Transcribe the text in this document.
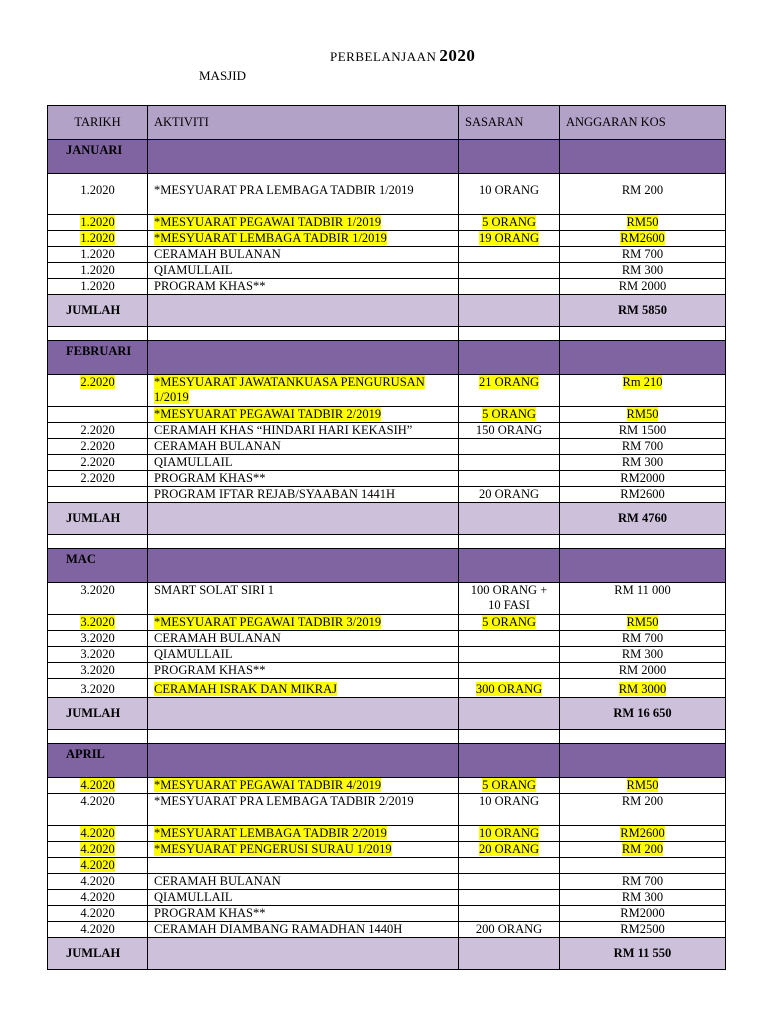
PERBELANJAAN 2020
MASJID
TARIKH	AKTIVITI	SASARAN	ANGGARAN KOS
JANUARI			
1.2020	*MESYUARAT PRA LEMBAGA TADBIR 1/2019	10 ORANG	RM 200
1.2020	*MESYUARAT PEGAWAI TADBIR 1/2019	5 ORANG	RM50
1.2020	*MESYUARAT LEMBAGA TADBIR 1/2019	19 ORANG	RM2600
1.2020	CERAMAH BULANAN		RM 700
1.2020	QIAMULLAIL		RM 300
1.2020	PROGRAM KHAS**		RM 2000
JUMLAH			RM 5850

FEBRUARI			
2.2020	*MESYUARAT JAWATANKUASA PENGURUSAN 1/2019	21 ORANG	Rm 210
	*MESYUARAT PEGAWAI TADBIR 2/2019	5 ORANG	RM50
2.2020	CERAMAH KHAS “HINDARI HARI KEKASIH”	150 ORANG	RM 1500
2.2020	CERAMAH BULANAN		RM 700
2.2020	QIAMULLAIL		RM 300
2.2020	PROGRAM KHAS**		RM2000
	PROGRAM IFTAR REJAB/SYAABAN 1441H	20 ORANG	RM2600
JUMLAH			RM 4760

MAC			
3.2020	SMART SOLAT SIRI 1	100 ORANG + 10 FASI	RM 11 000
3.2020	*MESYUARAT PEGAWAI TADBIR 3/2019	5 ORANG	RM50
3.2020	CERAMAH BULANAN		RM 700
3.2020	QIAMULLAIL		RM 300
3.2020	PROGRAM KHAS**		RM 2000
3.2020	CERAMAH ISRAK DAN MIKRAJ	300 ORANG	RM 3000
JUMLAH			RM 16 650

APRIL			
4.2020	*MESYUARAT PEGAWAI TADBIR 4/2019	5 ORANG	RM50
4.2020	*MESYUARAT PRA LEMBAGA TADBIR 2/2019	10 ORANG	RM 200
4.2020	*MESYUARAT LEMBAGA TADBIR 2/2019	10 ORANG	RM2600
4.2020	*MESYUARAT PENGERUSI SURAU 1/2019	20 ORANG	RM 200
4.2020			
4.2020	CERAMAH BULANAN		RM 700
4.2020	QIAMULLAIL		RM 300
4.2020	PROGRAM KHAS**		RM2000
4.2020	CERAMAH DIAMBANG RAMADHAN 1440H	200 ORANG	RM2500
JUMLAH			RM 11 550
